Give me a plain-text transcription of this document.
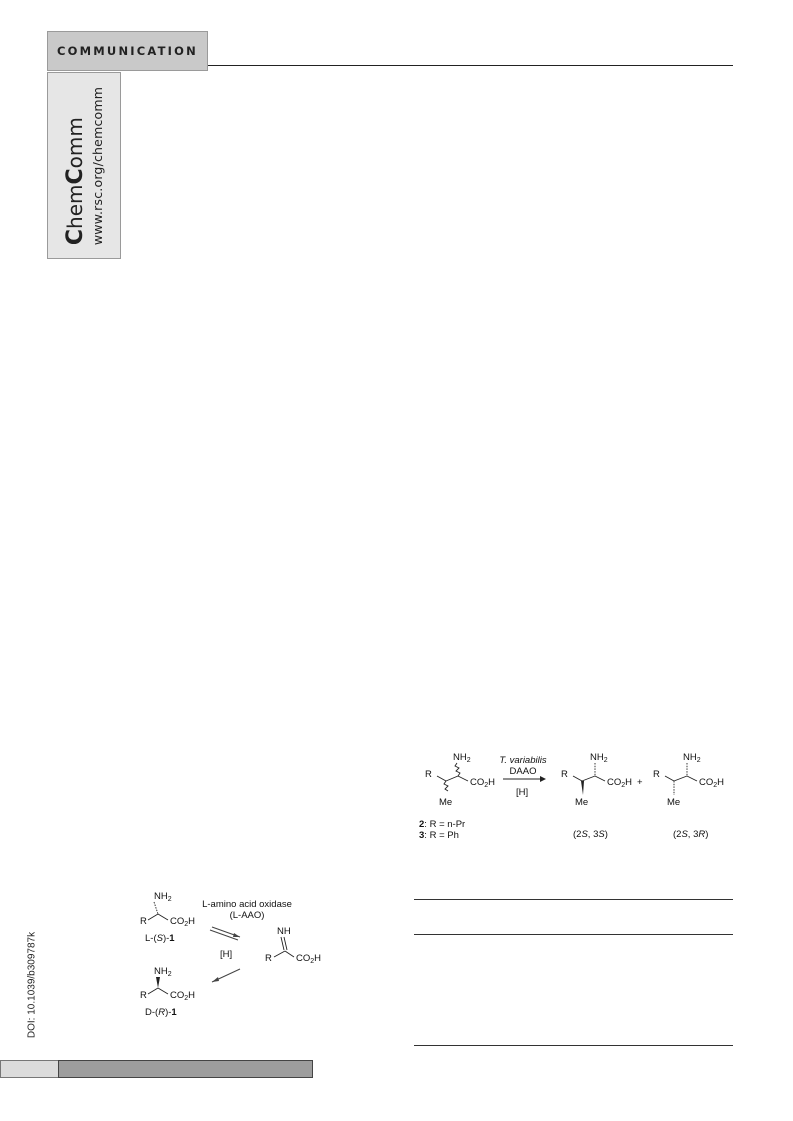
COMMUNICATION
ChemComm www.rsc.org/chemcomm
DOI: 10.1039/b309787k
$NH_2$
R $CO_2H$
L-(S)-1
L-amino acid oxidase
(L-AAO)
[H]
NH
R	$CO_2H$
$NH_2$
R $CO_2H$
D-(R)-1
$NH_2$
R
$CO_2H$
Me
2: R = n-Pr
3: R = Ph
T. variabilis
DAAO
[H]
$NH_2$
R
$CO_2H$
Me
(2S, 3S)
+
$NH_2$
R
$CO_2H$
Me
(2S, 3R)
